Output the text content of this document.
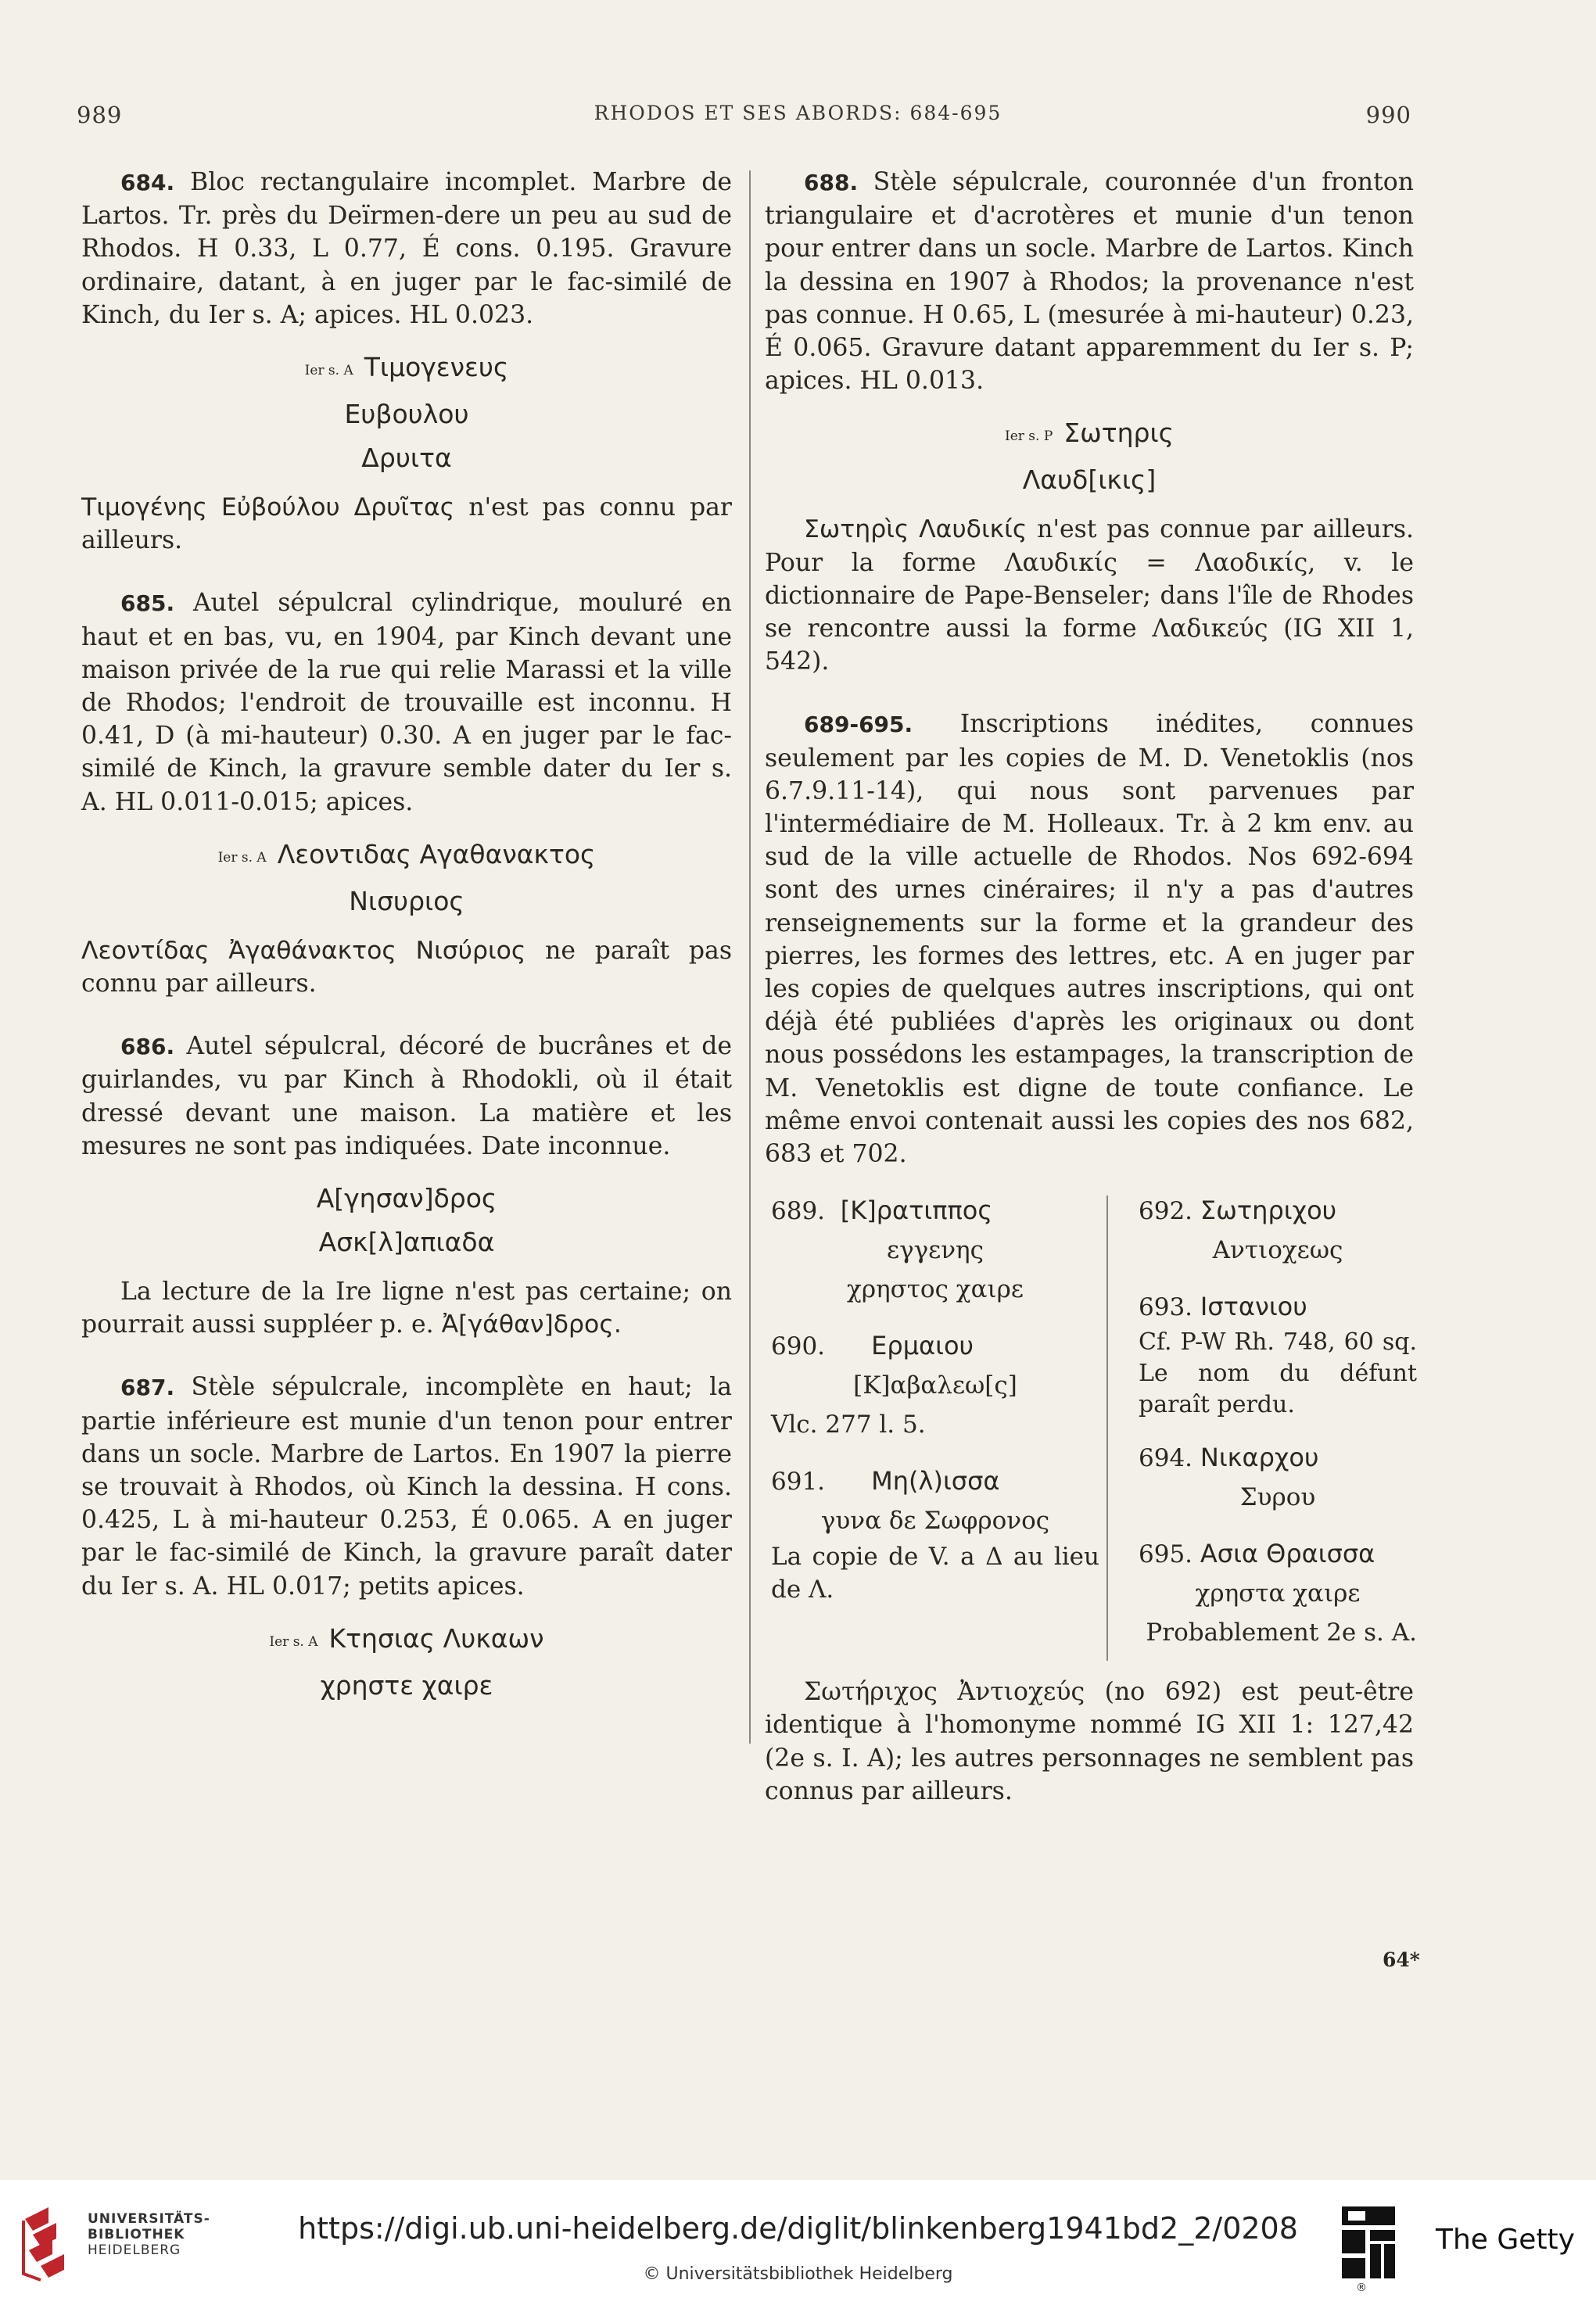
989	RHODOS ET SES ABORDS: 684-695	990

684. Bloc rectangulaire incomplet. Marbre de Lartos. Tr. près du Deïrmen-dere un peu au sud de Rhodos. H 0.33, L 0.77, É cons. 0.195. Gravure ordinaire, datant, à en juger par le fac-similé de Kinch, du Ier s. A; apices. HL 0.023.

Ier s. A Τιμογενευς
Ευβουλου
Δρυιτα

Τιμογένης Εὐβούλου Δρυῖτας n'est pas connu par ailleurs.

685. Autel sépulcral cylindrique, mouluré en haut et en bas, vu, en 1904, par Kinch devant une maison privée de la rue qui relie Marassi et la ville de Rhodos; l'endroit de trouvaille est inconnu. H 0.41, D (à mi-hauteur) 0.30. A en juger par le fac-similé de Kinch, la gravure semble dater du Ier s. A. HL 0.011-0.015; apices.

Ier s. A Λεοντιδας Αγαθανακτος
Νισυριος

Λεοντίδας Ἀγαθάνακτος Νισύριος ne paraît pas connu par ailleurs.

686. Autel sépulcral, décoré de bucrânes et de guirlandes, vu par Kinch à Rhodokli, où il était dressé devant une maison. La matière et les mesures ne sont pas indiquées. Date inconnue.

Α[γησαν]δρος
Ασκ[λ]απιαδα

La lecture de la Ire ligne n'est pas certaine; on pourrait aussi suppléer p. e. Ἀ[γάθαν]δρος.

687. Stèle sépulcrale, incomplète en haut; la partie inférieure est munie d'un tenon pour entrer dans un socle. Marbre de Lartos. En 1907 la pierre se trouvait à Rhodos, où Kinch la dessina. H cons. 0.425, L à mi-hauteur 0.253, É 0.065. A en juger par le fac-similé de Kinch, la gravure paraît dater du Ier s. A. HL 0.017; petits apices.

Ier s. A Κτησιας Λυκαων
χρηστε χαιρε

688. Stèle sépulcrale, couronnée d'un fronton triangulaire et d'acrotères et munie d'un tenon pour entrer dans un socle. Marbre de Lartos. Kinch la dessina en 1907 à Rhodos; la provenance n'est pas connue. H 0.65, L (mesurée à mi-hauteur) 0.23, É 0.065. Gravure datant apparemment du Ier s. P; apices. HL 0.013.

Ier s. P Σωτηρις
Λαυδ[ικις]

Σωτηρὶς Λαυδικίς n'est pas connue par ailleurs. Pour la forme Λαυδικίς = Λαοδικίς, v. le dictionnaire de Pape-Benseler; dans l'île de Rhodes se rencontre aussi la forme Λαδικεύς (IG XII 1, 542).

689-695. Inscriptions inédites, connues seulement par les copies de M. D. Venetoklis (nos 6.7.9.11-14), qui nous sont parvenues par l'intermédiaire de M. Holleaux. Tr. à 2 km env. au sud de la ville actuelle de Rhodos. Nos 692-694 sont des urnes cinéraires; il n'y a pas d'autres renseignements sur la forme et la grandeur des pierres, les formes des lettres, etc. A en juger par les copies de quelques autres inscriptions, qui ont déjà été publiées d'après les originaux ou dont nous possédons les estampages, la transcription de M. Venetoklis est digne de toute confiance. Le même envoi contenait aussi les copies des nos 682, 683 et 702.

689. [Κ]ρατιππος
εγγενης
χρηστος χαιρε
690. Ερμαιου
[Κ]αβαλεω[ς]
Vlc. 277 l. 5.
691. Μη(λ)ισσα
γυνα δε Σωφρονος

La copie de V. a Δ au lieu de Λ.

692. Σωτηριχου
Αντιοχεως
693. Ιστανιου

Cf. P-W Rh. 748, 60 sq. Le nom du défunt paraît perdu.

694. Νικαρχου
Συρου
695. Ασια Θραισσα
χρηστα χαιρε
Probablement 2e s. A.

Σωτήριχος Ἀντιοχεύς (no 692) est peut-être identique à l'homonyme nommé IG XII 1: 127,42 (2e s. I. A); les autres personnages ne semblent pas connus par ailleurs.

64*
UNIVERSITÄTS-
BIBLIOTHEK
HEIDELBERG
https://digi.ub.uni-heidelberg.de/diglit/blinkenberg1941bd2_2/0208
© Universitätsbibliothek Heidelberg
®
The Getty
